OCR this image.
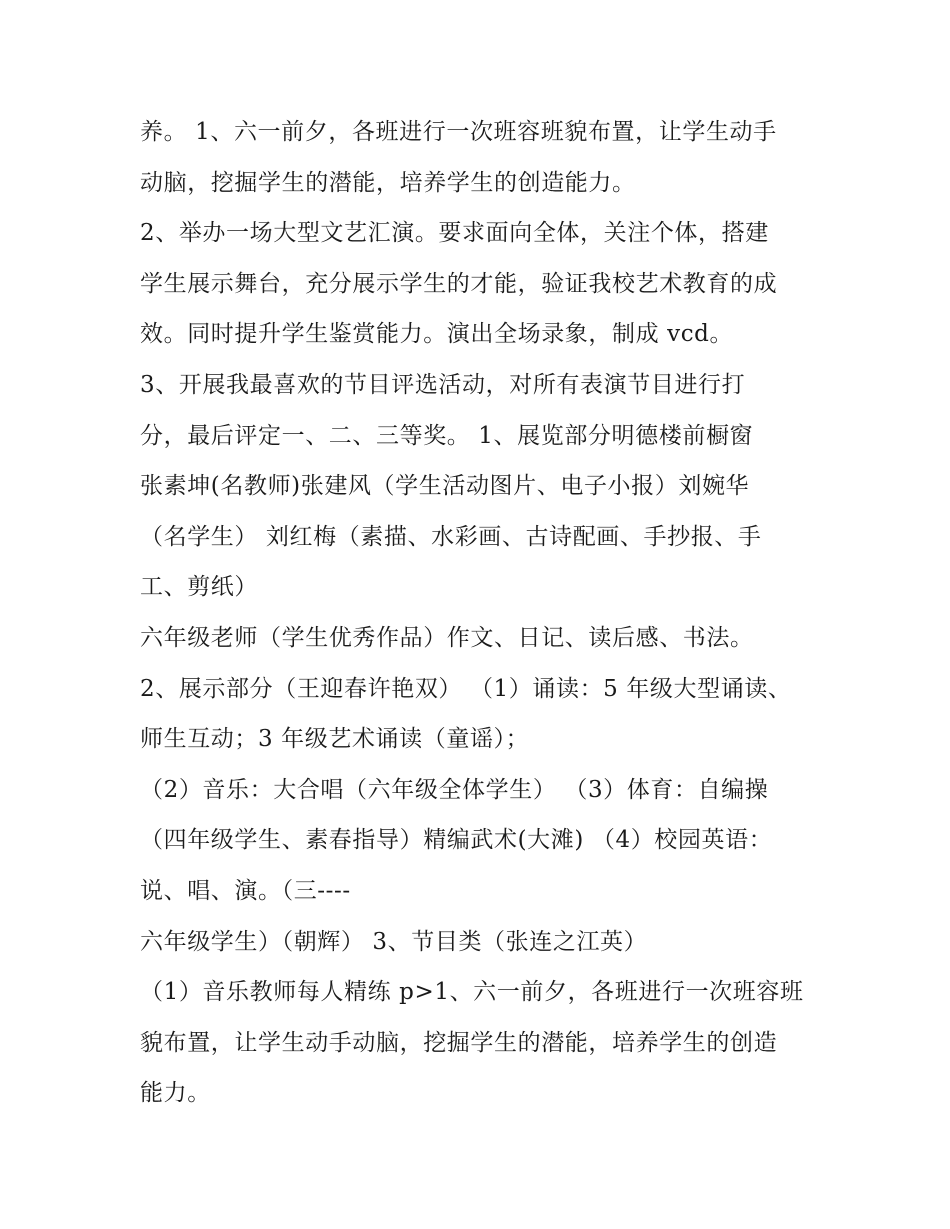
养。 1、六一前夕，各班进行一次班容班貌布置，让学生动手
动脑，挖掘学生的潜能，培养学生的创造能力。
2、举办一场大型文艺汇演。要求面向全体，关注个体，搭建
学生展示舞台，充分展示学生的才能，验证我校艺术教育的成
效。同时提升学生鉴赏能力。演出全场录象，制成 vcd。
3、开展我最喜欢的节目评选活动，对所有表演节目进行打
分，最后评定一、二、三等奖。 1、展览部分明德楼前橱窗
张素坤(名教师)张建风（学生活动图片、电子小报）刘婉华
（名学生） 刘红梅（素描、水彩画、古诗配画、手抄报、手
工、剪纸）
六年级老师（学生优秀作品）作文、日记、读后感、书法。
2、展示部分（王迎春许艳双） （1）诵读：5 年级大型诵读、
师生互动；3 年级艺术诵读（童谣）；
（2）音乐：大合唱（六年级全体学生） （3）体育：自编操
（四年级学生、素春指导）精编武术(大滩) （4）校园英语：
说、唱、演。（三----
六年级学生）（朝辉） 3、节目类（张连之江英）
（1）音乐教师每人精练 p>1、六一前夕，各班进行一次班容班
貌布置，让学生动手动脑，挖掘学生的潜能，培养学生的创造
能力。
